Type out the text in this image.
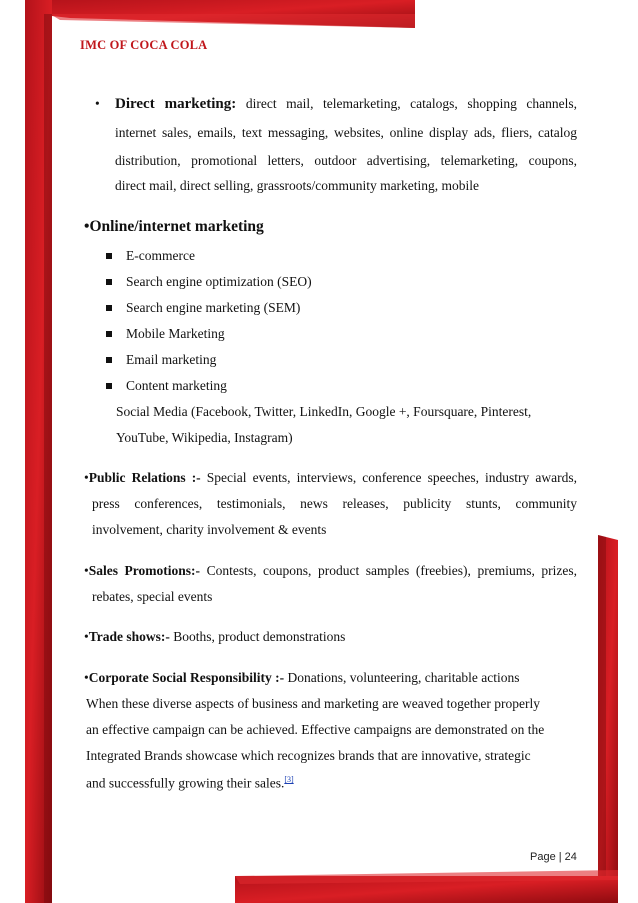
IMC OF COCA COLA
• Direct marketing: direct mail, telemarketing, catalogs, shopping channels,
internet sales, emails, text messaging, websites, online display ads, fliers, catalog
distribution, promotional letters, outdoor advertising, telemarketing, coupons,
direct mail, direct selling, grassroots/community marketing, mobile
•Online/internet marketing
E-commerce
Search engine optimization (SEO)
Search engine marketing (SEM)
Mobile Marketing
Email marketing
Content marketing
Social Media (Facebook, Twitter, LinkedIn, Google +, Foursquare, Pinterest,
YouTube, Wikipedia, Instagram)
•Public Relations :- Special events, interviews, conference speeches, industry awards,
press conferences, testimonials, news releases, publicity stunts, community
involvement, charity involvement & events
•Sales Promotions:- Contests, coupons, product samples (freebies), premiums, prizes,
rebates, special events
•Trade shows:- Booths, product demonstrations
•Corporate Social Responsibility :- Donations, volunteering, charitable actions
When these diverse aspects of business and marketing are weaved together properly
an effective campaign can be achieved. Effective campaigns are demonstrated on the
Integrated Brands showcase which recognizes brands that are innovative, strategic
and successfully growing their sales.[3]
Page | 24
